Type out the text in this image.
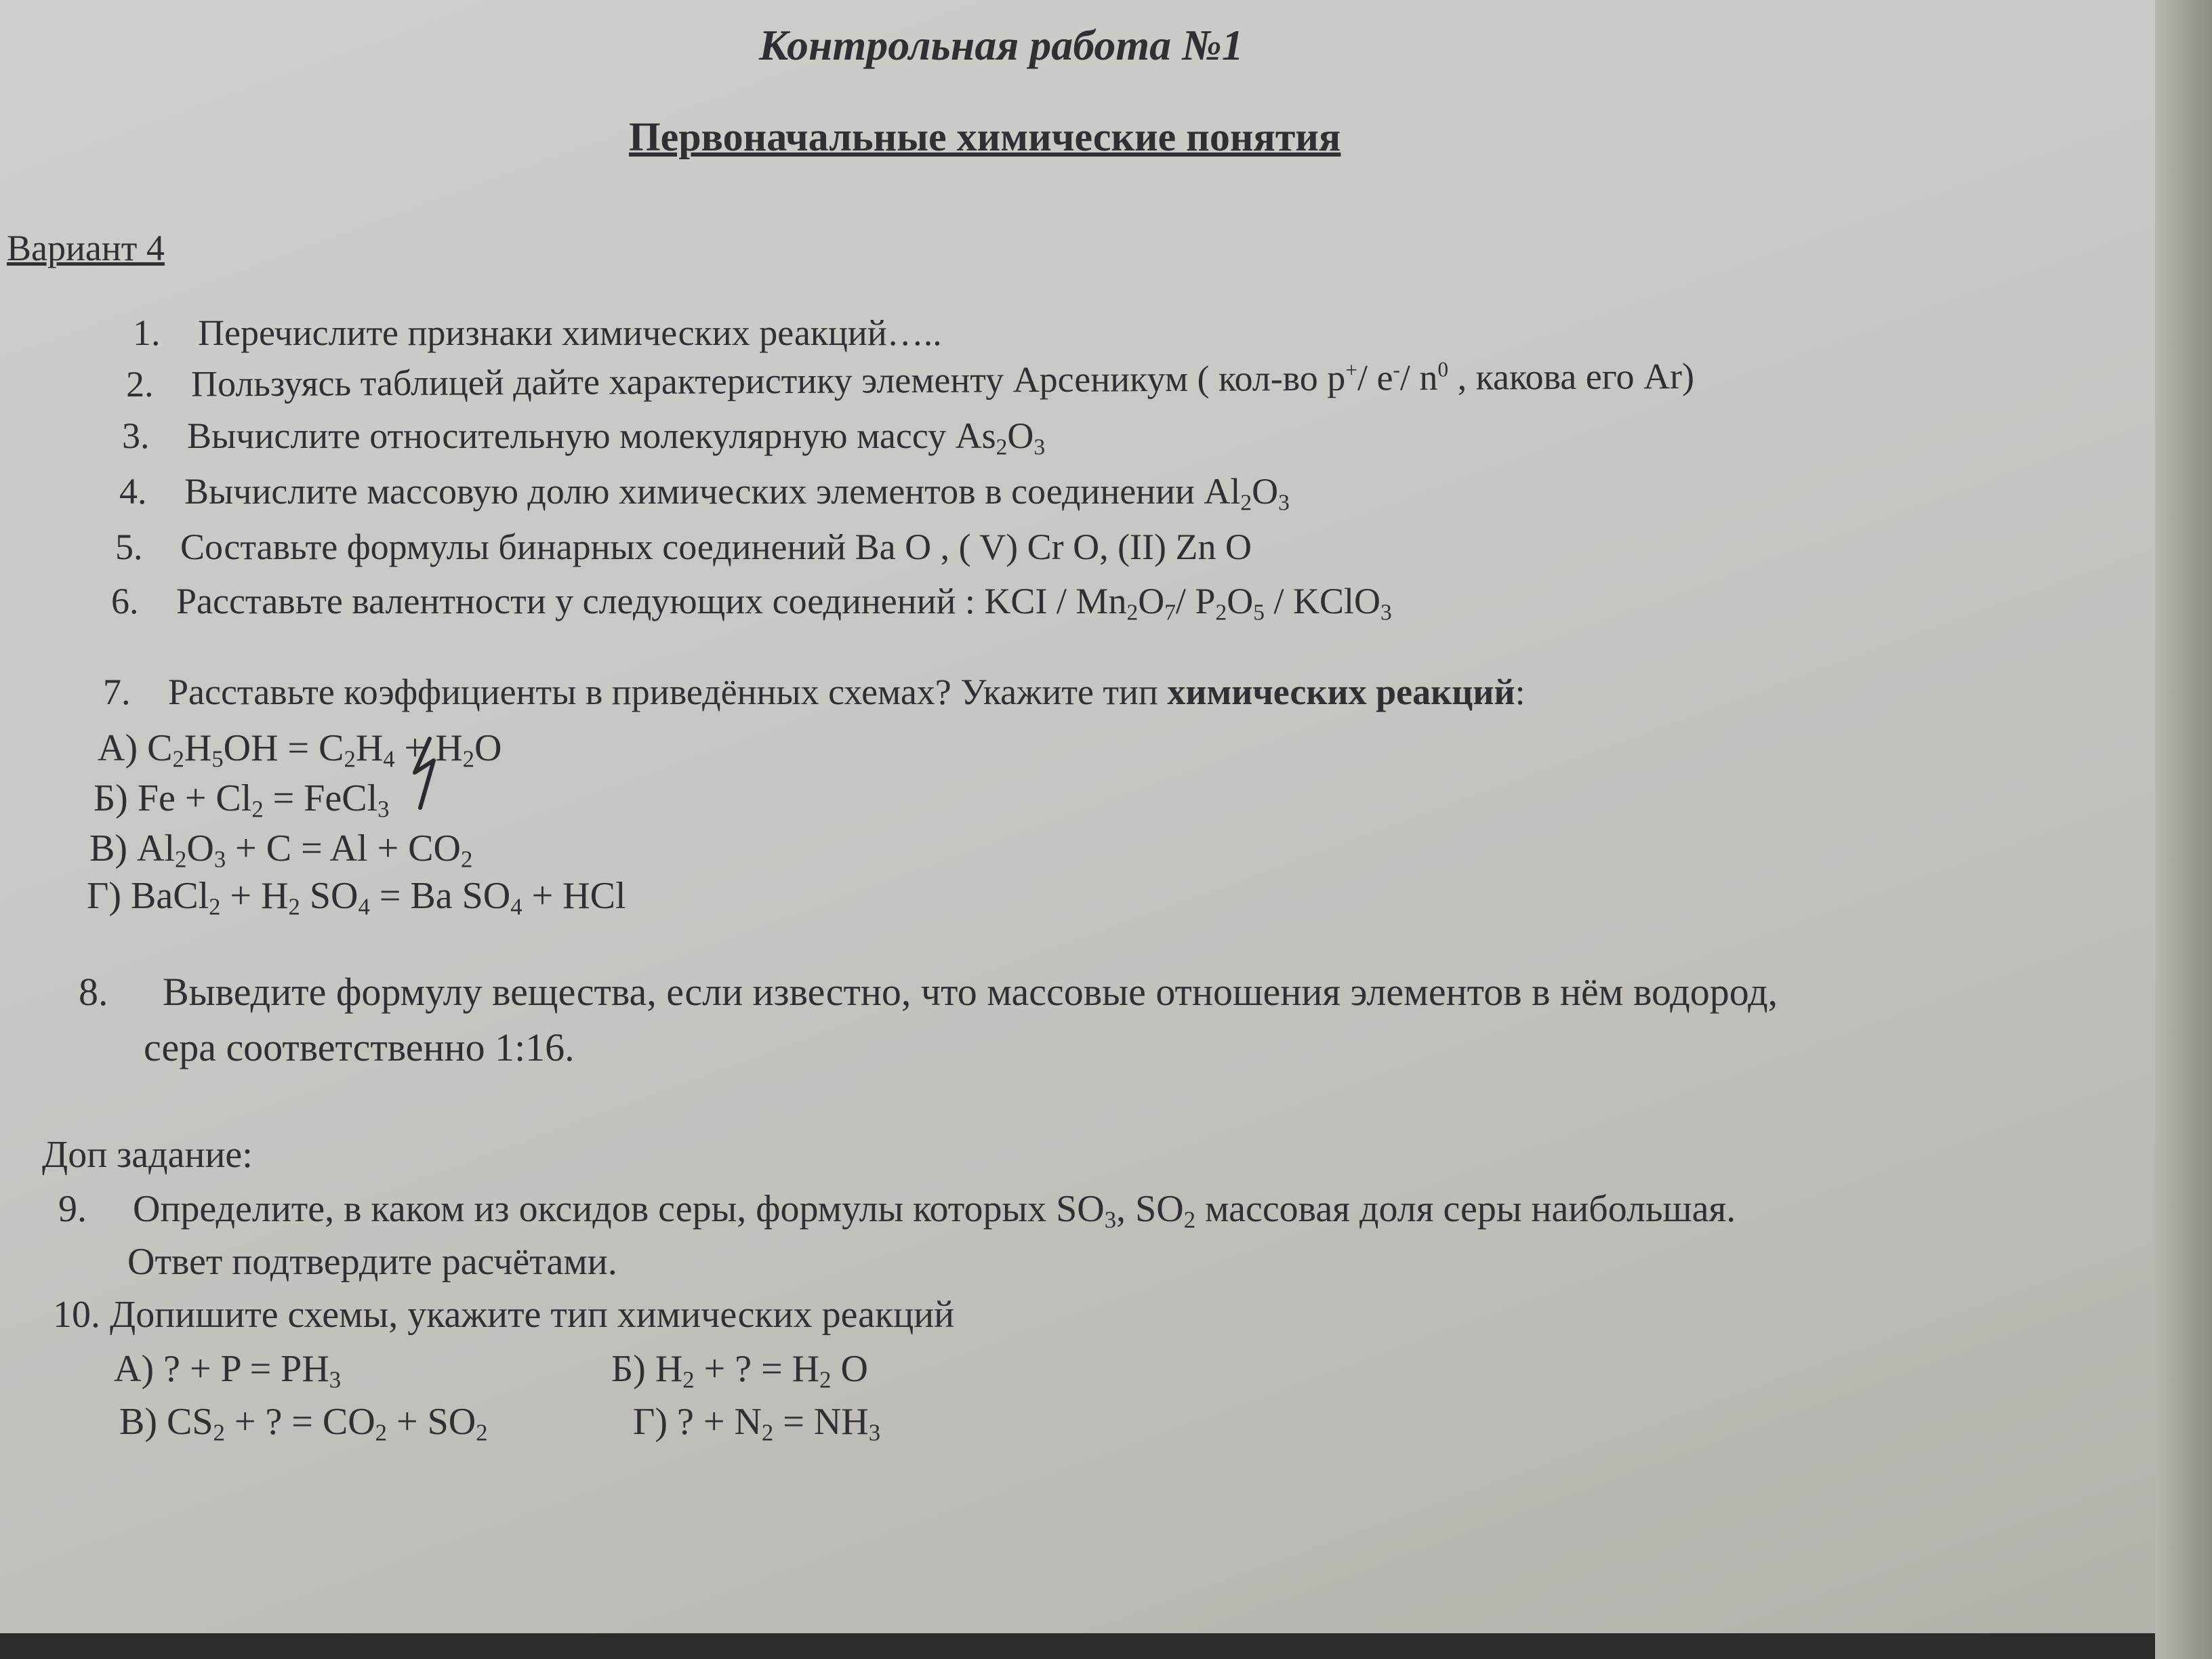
Контрольная работа №1
Первоначальные химические понятия
Вариант 4
1. Перечислите признаки химических реакций…..
2. Пользуясь таблицей дайте характеристику элементу Арсеникум ( кол-во p+/ e-/ $n^0$ , какова его Ar)
3. Вычислите относительную молекулярную массу $As_2O_3$
4. Вычислите массовую долю химических элементов в соединении $Al_2O_3$
5. Составьте формулы бинарных соединений Ba O , ( V) Cr O, (II) Zn O
6. Расставьте валентности у следующих соединений : KCI / $Mn_2O_7/$ $P_2O_5$ / KClO$_3$
7. Расставьте коэффициенты в приведённых схемах? Укажите тип химических реакций:
А) $C_2H_5OH = C_2H_4 + H_2O$
Б) $Fe + Cl_2$ = FeCl$_3$
В) $Al_2O_3 + C = Al + CO_2$
Г) BaCl$_2$ + $H_2$ $SO_4 = Ba$ $SO_4$ + HCl
8. Выведите формулу вещества, если известно, что массовые отношения элементов в нём водород,
сера соответственно 1:16.
Доп задание:
9. Определите, в каком из оксидов серы, формулы которых $SO_3$, $SO_2$ массовая доля серы наибольшая.
Ответ подтвердите расчётами.
10. Допишите схемы, укажите тип химических реакций
А) ? + $P = PH_3$	Б) $H_2$ + ? = $H_2$ O
В) $CS_2$ + ? = $CO_2 + SO_2$	Г) ? + $N_2 = NH_3$
